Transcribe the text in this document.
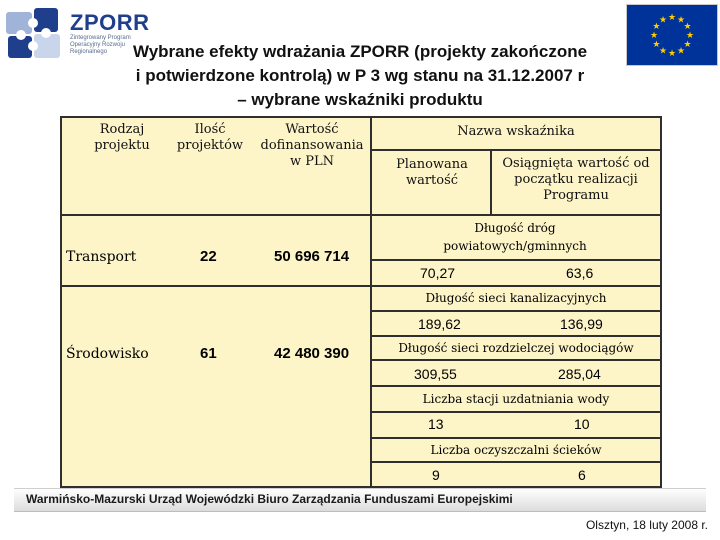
ZPORR
Zintegrowany Program Operacyjny Rozwoju Regionalnego
★ ★
★
★
★
★
★
★
★
★
★
★
Wybrane efekty wdrażania ZPORR (projekty zakończone
i potwierdzone kontrolą) w P 3 wg stanu na 31.12.2007 r
– wybrane wskaźniki produktu
Rodzaj projektu
Ilość projektów
Wartość dofinansowania w PLN
Nazwa wskaźnika
Planowana wartość
Osiągnięta wartość od początku realizacji Programu
Transport	22	50 696 714
Długość dróg powiatowych/gminnych
70,27	63,6
Środowisko	61	42 480 390
Długość sieci kanalizacyjnych
189,62	136,99
Długość sieci rozdzielczej wodociągów
309,55	285,04
Liczba stacji uzdatniania wody
13	10
Liczba oczyszczalni ścieków
9	6
Warmińsko-Mazurski Urząd Wojewódzki Biuro Zarządzania Funduszami Europejskimi
Olsztyn, 18 luty 2008 r.
